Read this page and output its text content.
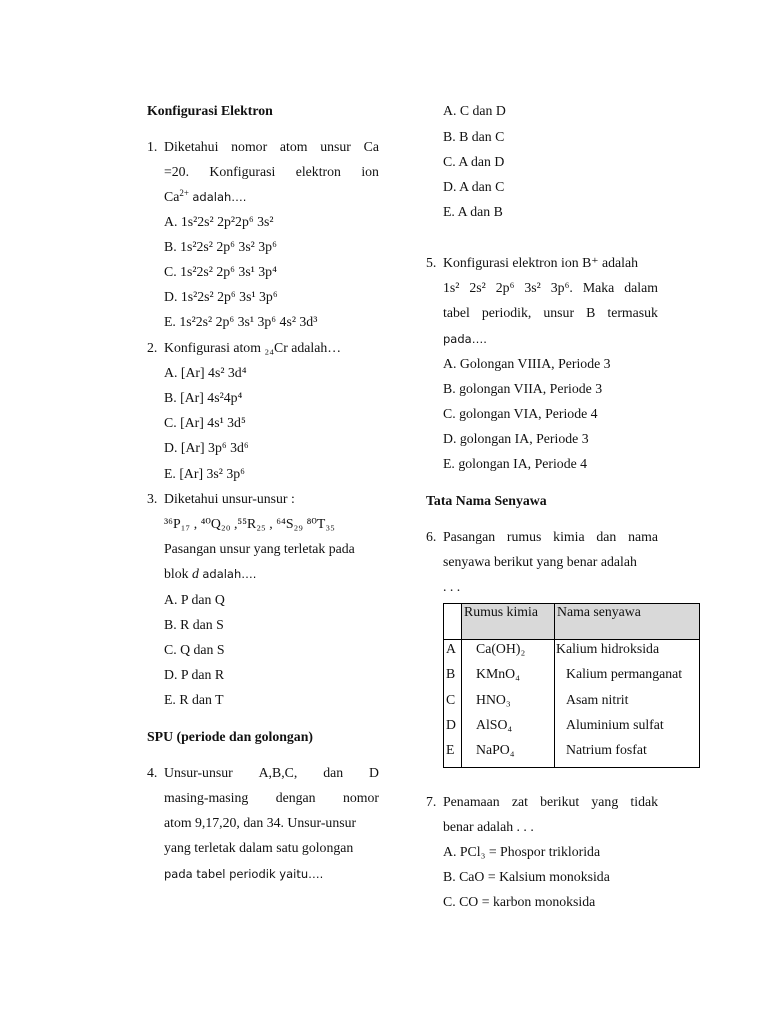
Konfigurasi Elektron
1. Diketahui nomor atom unsur Ca
=20. Konfigurasi elektron ion
$Ca^{2+}$ adalah….
A. 1s²2s² 2p²2p⁶ 3s²
B. 1s²2s² 2p⁶ 3s² 3p⁶
C. 1s²2s² 2p⁶ 3s¹ 3p⁴
D. 1s²2s² 2p⁶ 3s¹ 3p⁶
E. 1s²2s² 2p⁶ 3s¹ 3p⁶ 4s² 3d³
2. Konfigurasi atom ₂₄Cr adalah…
A. [Ar] 4s² 3d⁴
B. [Ar] 4s²4p⁴
C. [Ar] 4s¹ 3d⁵
D. [Ar] 3p⁶ 3d⁶
E. [Ar] 3s² 3p⁶
3. Diketahui unsur-unsur :
³⁶P₁₇ , ⁴⁰Q₂₀ ,⁵⁵R₂₅ , ⁶⁴S₂₉ ⁸⁰T₃₅
Pasangan unsur yang terletak pada
blok d adalah….
A. P dan Q
B. R dan S
C. Q dan S
D. P dan R
E. R dan T
SPU (periode dan golongan)
4. Unsur-unsur A,B,C, dan D
masing-masing dengan nomor
atom 9,17,20, dan 34. Unsur-unsur
yang terletak dalam satu golongan
pada tabel periodik yaitu….
A. C dan D
B. B dan C
C. A dan D
D. A dan C
E. A dan B
5. Konfigurasi elektron ion B⁺ adalah
1s² 2s² 2p⁶ 3s² 3p⁶. Maka dalam
tabel periodik, unsur B termasuk
pada….
A. Golongan VIIIA, Periode 3
B. golongan VIIA, Periode 3
C. golongan VIA, Periode 4
D. golongan IA, Periode 3
E. golongan IA, Periode 4
Tata Nama Senyawa
6. Pasangan rumus kimia dan nama
senyawa berikut yang benar adalah
. . .
Rumus kimia Nama senyawa
A Ca(OH)₂ Kalium hidroksida
B KMnO₄	Kalium permanganat
C HNO₃	Asam nitrit
D AlSO₄	Aluminium sulfat
E NaPO₄	Natrium fosfat
7. Penamaan zat berikut yang tidak
benar adalah . . .
A. PCl₃ = Phospor triklorida
B. CaO = Kalsium monoksida
C. CO = karbon monoksida
